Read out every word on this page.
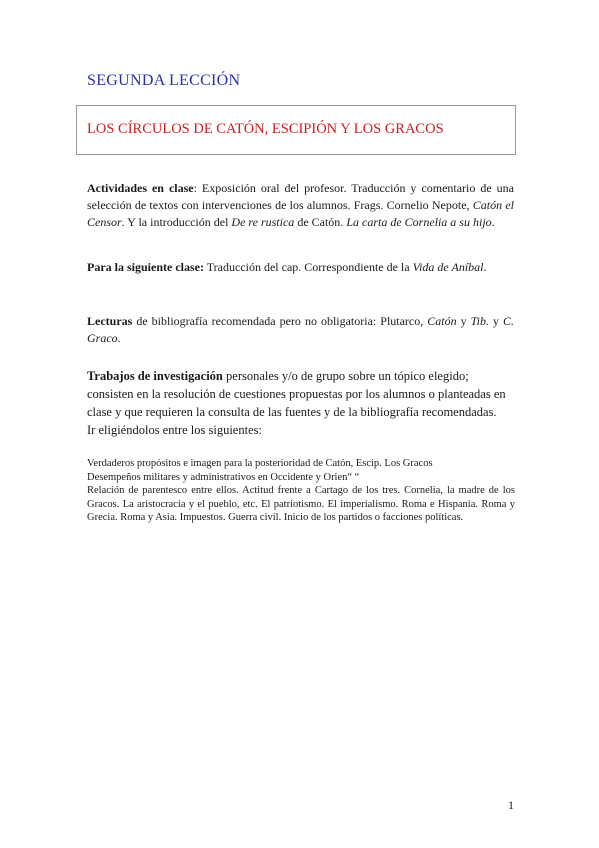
SEGUNDA LECCIÓN
LOS CÍRCULOS DE CATÓN, ESCIPIÓN Y LOS GRACOS
Actividades en clase: Exposición oral del profesor. Traducción y comentario de una selección de textos con intervenciones de los alumnos. Frags. Cornelio Nepote, Catón el Censor. Y la introducción del De re rustica de Catón. La carta de Cornelia a su hijo.
Para la siguiente clase: Traducción del cap. Correspondiente de la Vida de Aníbal.
Lecturas de bibliografía recomendada pero no obligatoria: Plutarco, Catón y Tib. y C. Graco.
Trabajos de investigación personales y/o de grupo sobre un tópico elegido; consisten en la resolución de cuestiones propuestas por los alumnos o planteadas en clase y que requieren la consulta de las fuentes y de la bibliografía recomendadas. Ir eligiéndolos entre los siguientes:
Verdaderos propósitos e imagen para la posterioridad de Catón, Escip. Los Gracos
Desempeños militares y administrativos en Occidente y Orien“ “
Relación de parentesco entre ellos. Actitud frente a Cartago de los tres. Cornelia, la madre de los Gracos. La aristocracia y el pueblo, etc. El patriotismo. El imperialismo. Roma e Hispania. Roma y Grecia. Roma y Asia. Impuestos. Guerra civil. Inicio de los partidos o facciones políticas.
1
